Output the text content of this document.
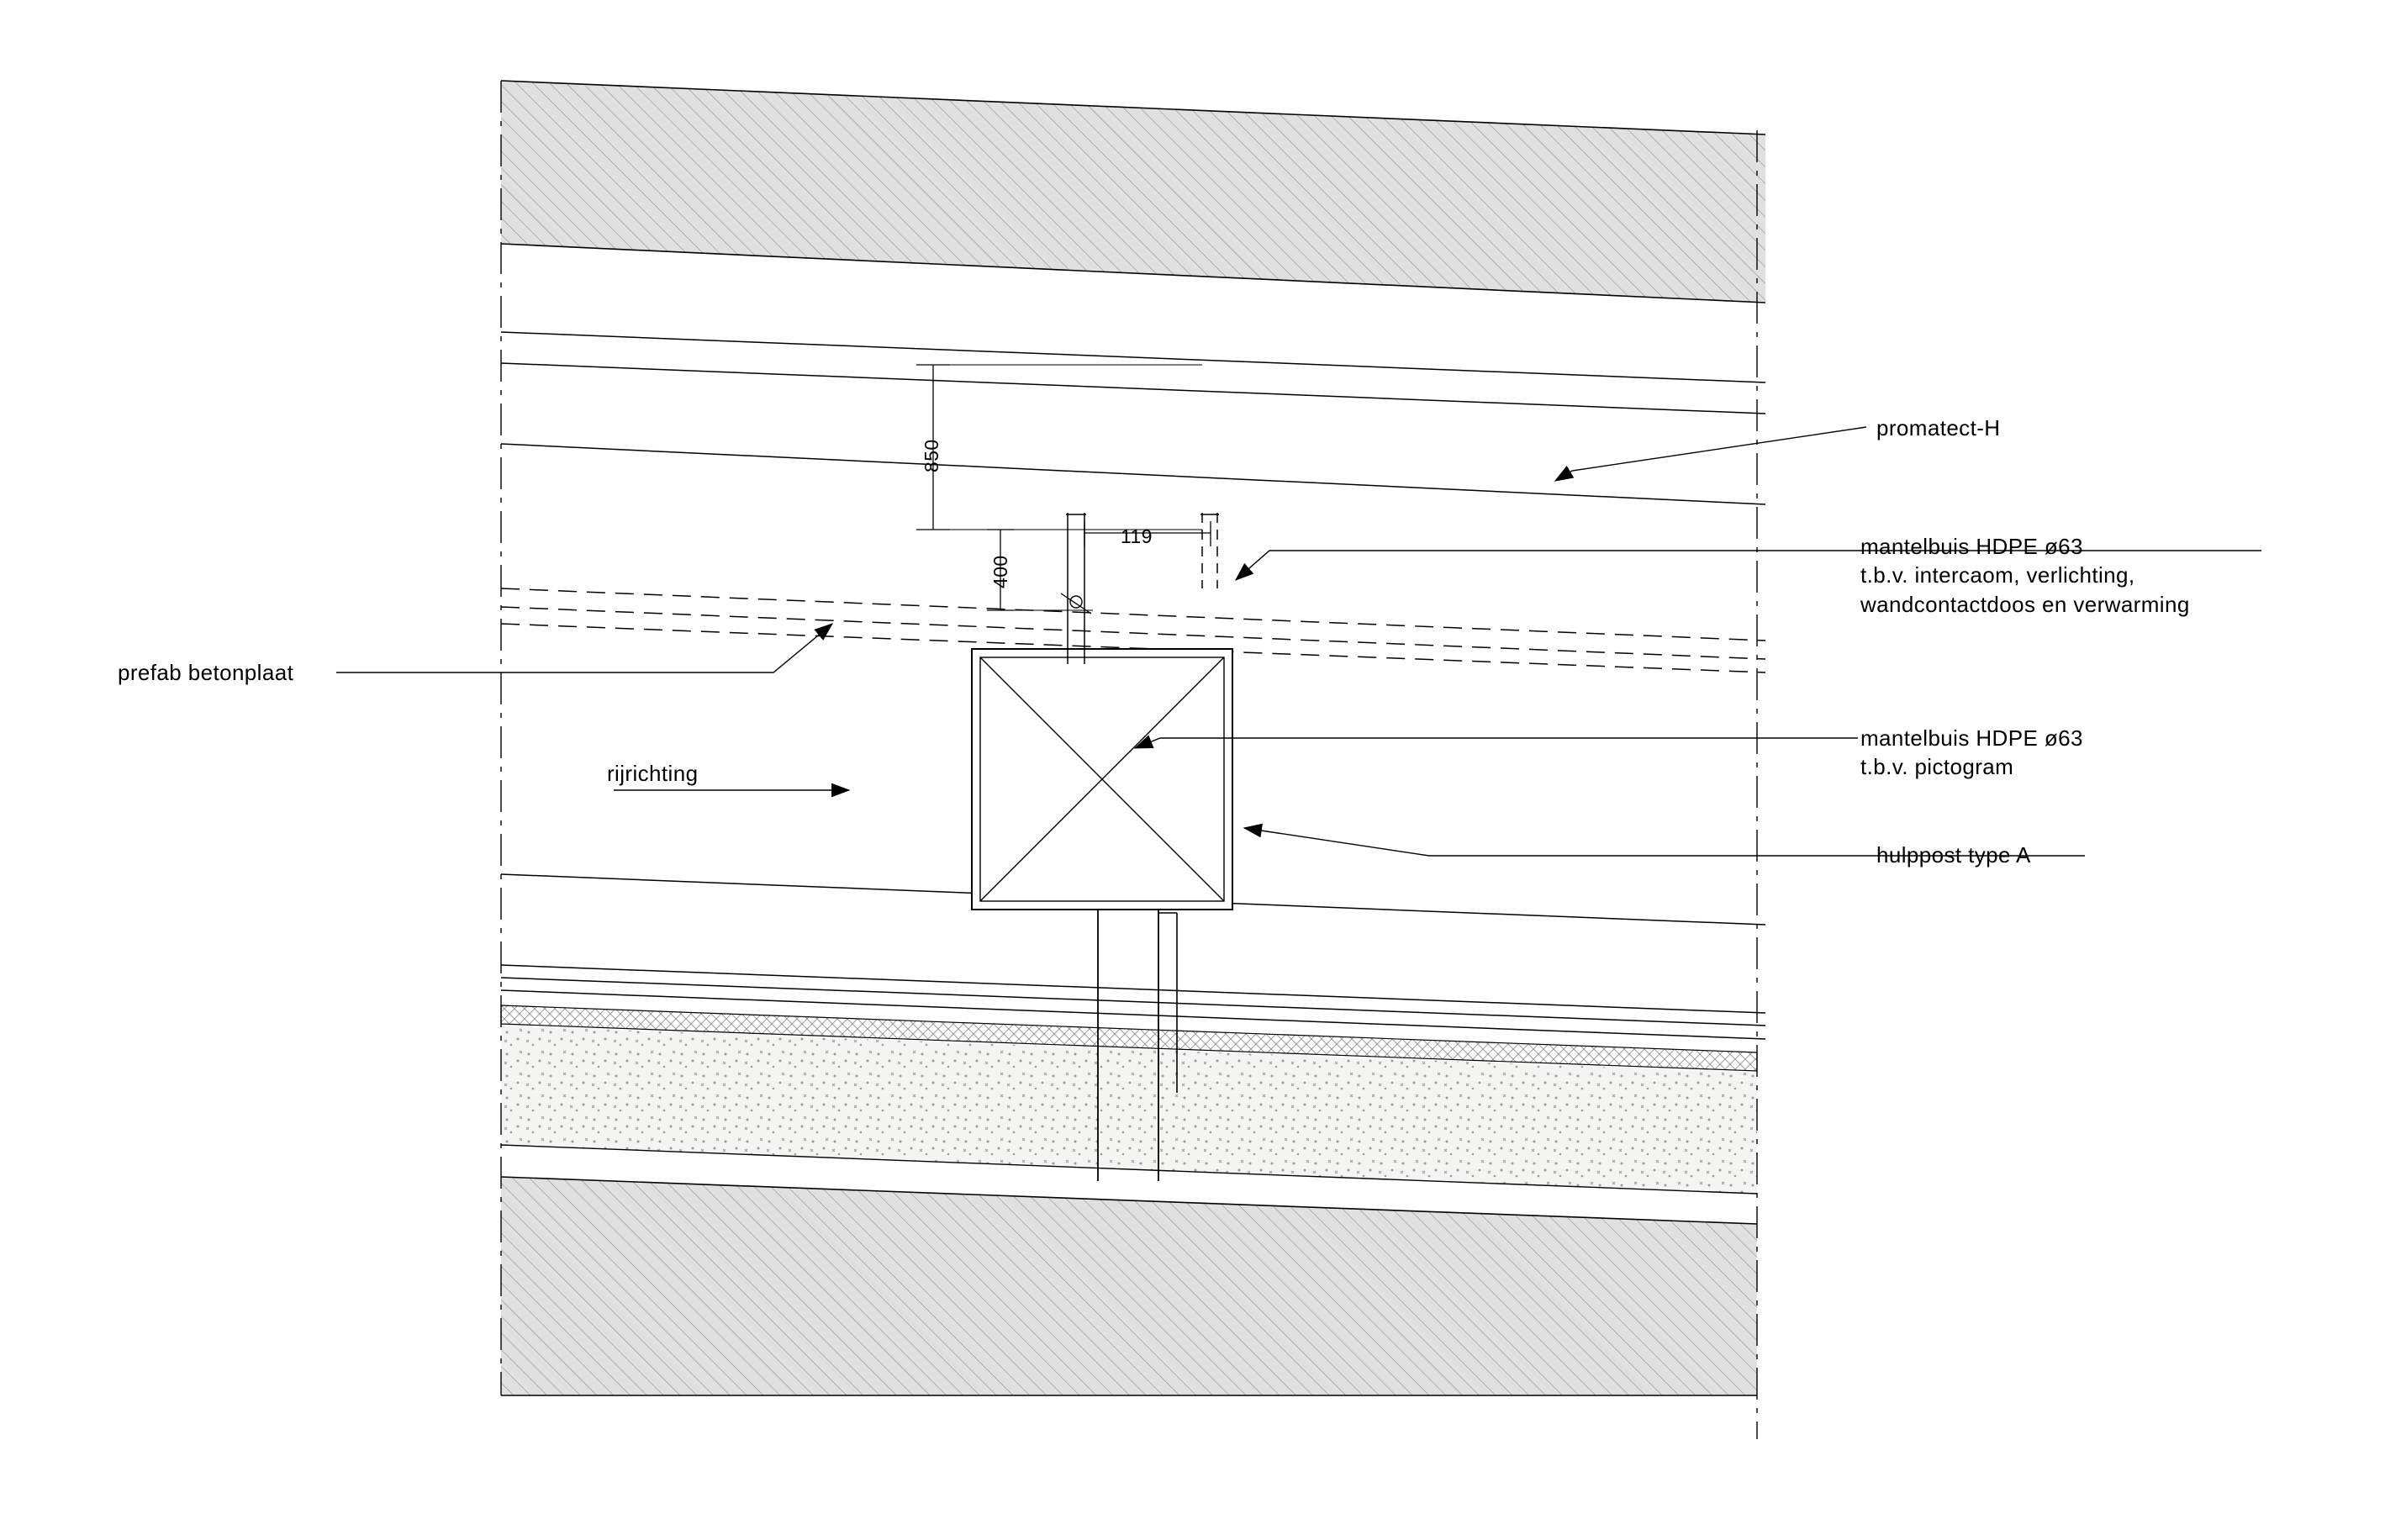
promatect-H
mantelbuis HDPE ø63
t.b.v. intercaom, verlichting,
wandcontactdoos en verwarming
mantelbuis HDPE ø63
t.b.v. pictogram
hulppost type A
prefab betonplaat
rijrichting
850
400
119
